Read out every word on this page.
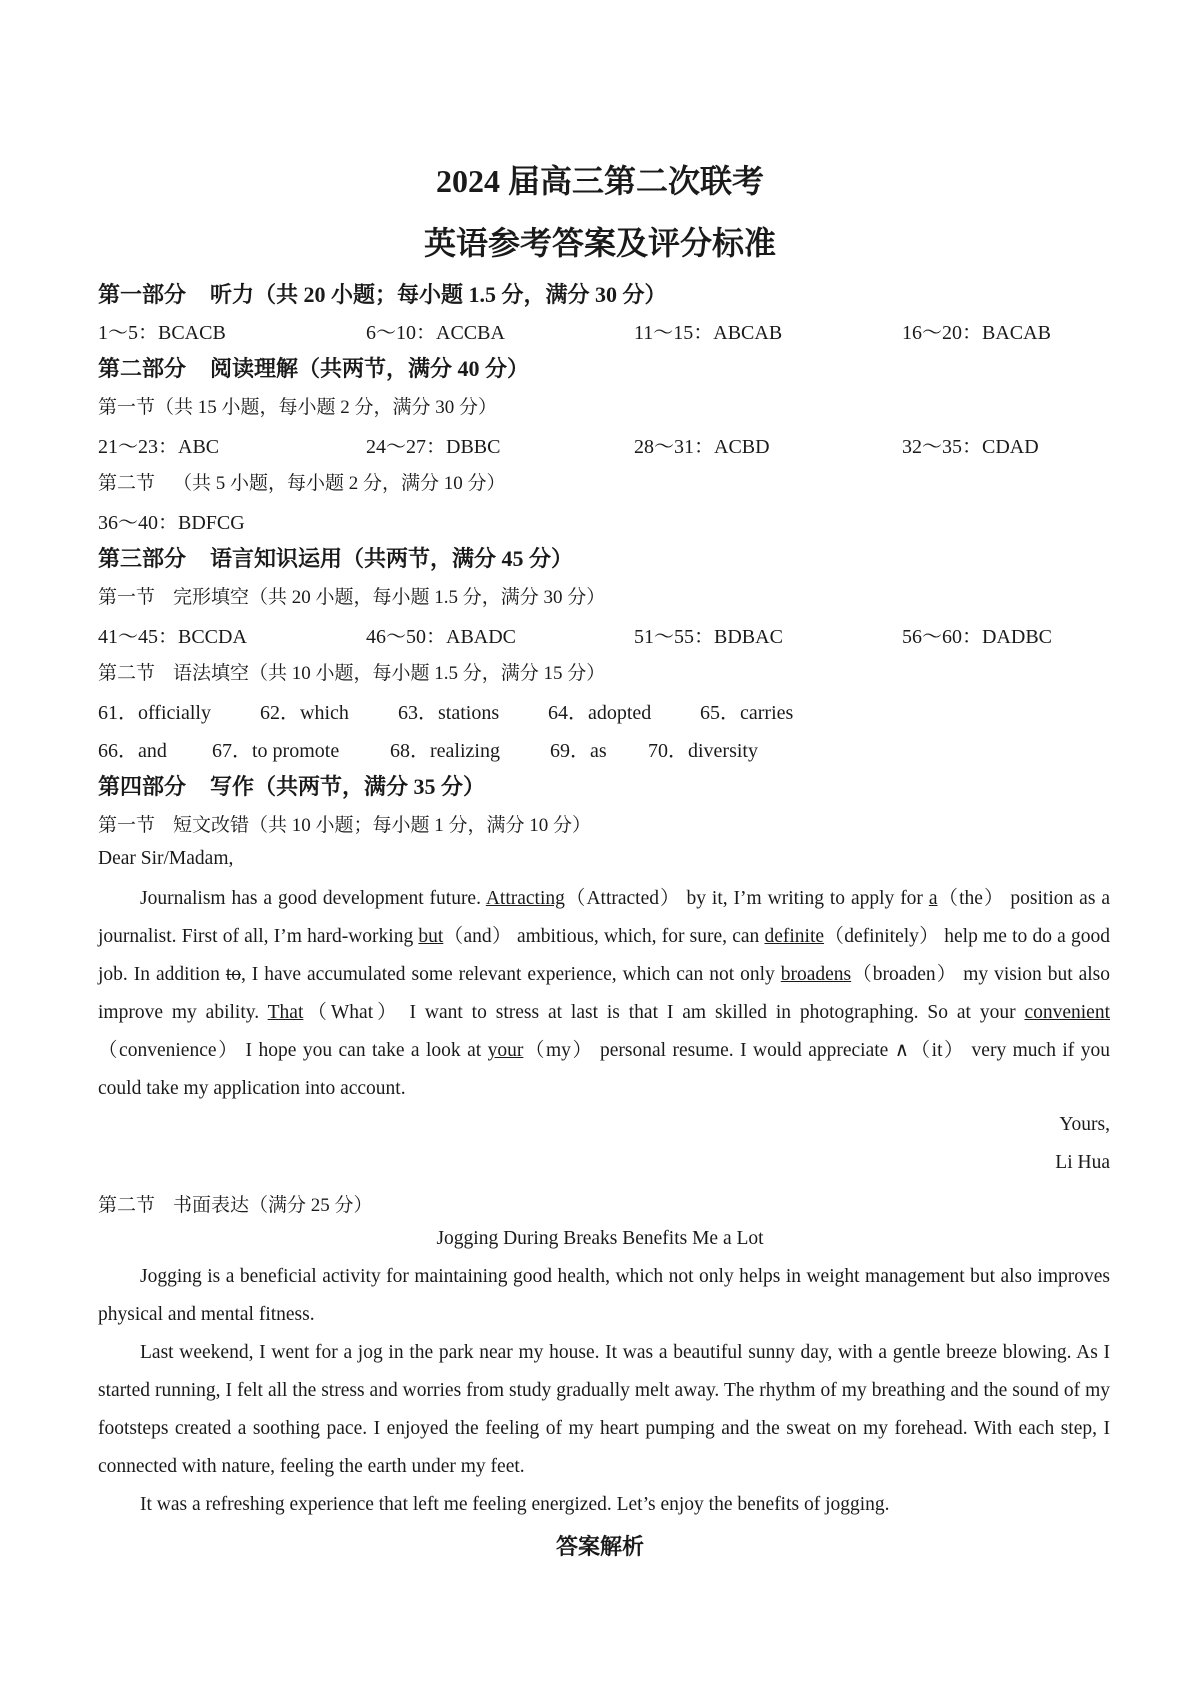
2024 届高三第二次联考
英语参考答案及评分标准
第一部分 听力（共 20 小题；每小题 1.5 分，满分 30 分）
1～5：BCACB	6～10：ACCBA	11～15：ABCAB	16～20：BACAB
第二部分 阅读理解（共两节，满分 40 分）
第一节（共 15 小题，每小题 2 分，满分 30 分）
21～23：ABC	24～27：DBBC	28～31：ACBD	32～35：CDAD
第二节 （共 5 小题，每小题 2 分，满分 10 分）
36～40：BDFCG
第三部分 语言知识运用（共两节，满分 45 分）
第一节 完形填空（共 20 小题，每小题 1.5 分，满分 30 分）
41～45：BCCDA	46～50：ABADC	51～55：BDBAC	56～60：DADBC
第二节 语法填空（共 10 小题，每小题 1.5 分，满分 15 分）
61．officially 62．which 63．stations 64．adopted 65．carries
66．and 67．to promote	68．realizing	69．as 70．diversity
第四部分 写作（共两节，满分 35 分）
第一节 短文改错（共 10 小题；每小题 1 分，满分 10 分）
Dear Sir/Madam,
Journalism has a good development future. Attracting（Attracted） by it, I’m writing to apply for a（the） position as a journalist. First of all, I’m hard-working but（and） ambitious, which, for sure, can definite（definitely） help me to do a good job. In addition to, I have accumulated some relevant experience, which can not only broadens（broaden） my vision but also improve my ability. That（What） I want to stress at last is that I am skilled in photographing. So at your convenient（convenience） I hope you can take a look at your（my） personal resume. I would appreciate ∧（it） very much if you could take my application into account.
Yours,
Li Hua
第二节 书面表达（满分 25 分）
Jogging During Breaks Benefits Me a Lot
Jogging is a beneficial activity for maintaining good health, which not only helps in weight management but also improves physical and mental fitness.
Last weekend, I went for a jog in the park near my house. It was a beautiful sunny day, with a gentle breeze blowing. As I started running, I felt all the stress and worries from study gradually melt away. The rhythm of my breathing and the sound of my footsteps created a soothing pace. I enjoyed the feeling of my heart pumping and the sweat on my forehead. With each step, I connected with nature, feeling the earth under my feet.
It was a refreshing experience that left me feeling energized. Let’s enjoy the benefits of jogging.
答案解析
